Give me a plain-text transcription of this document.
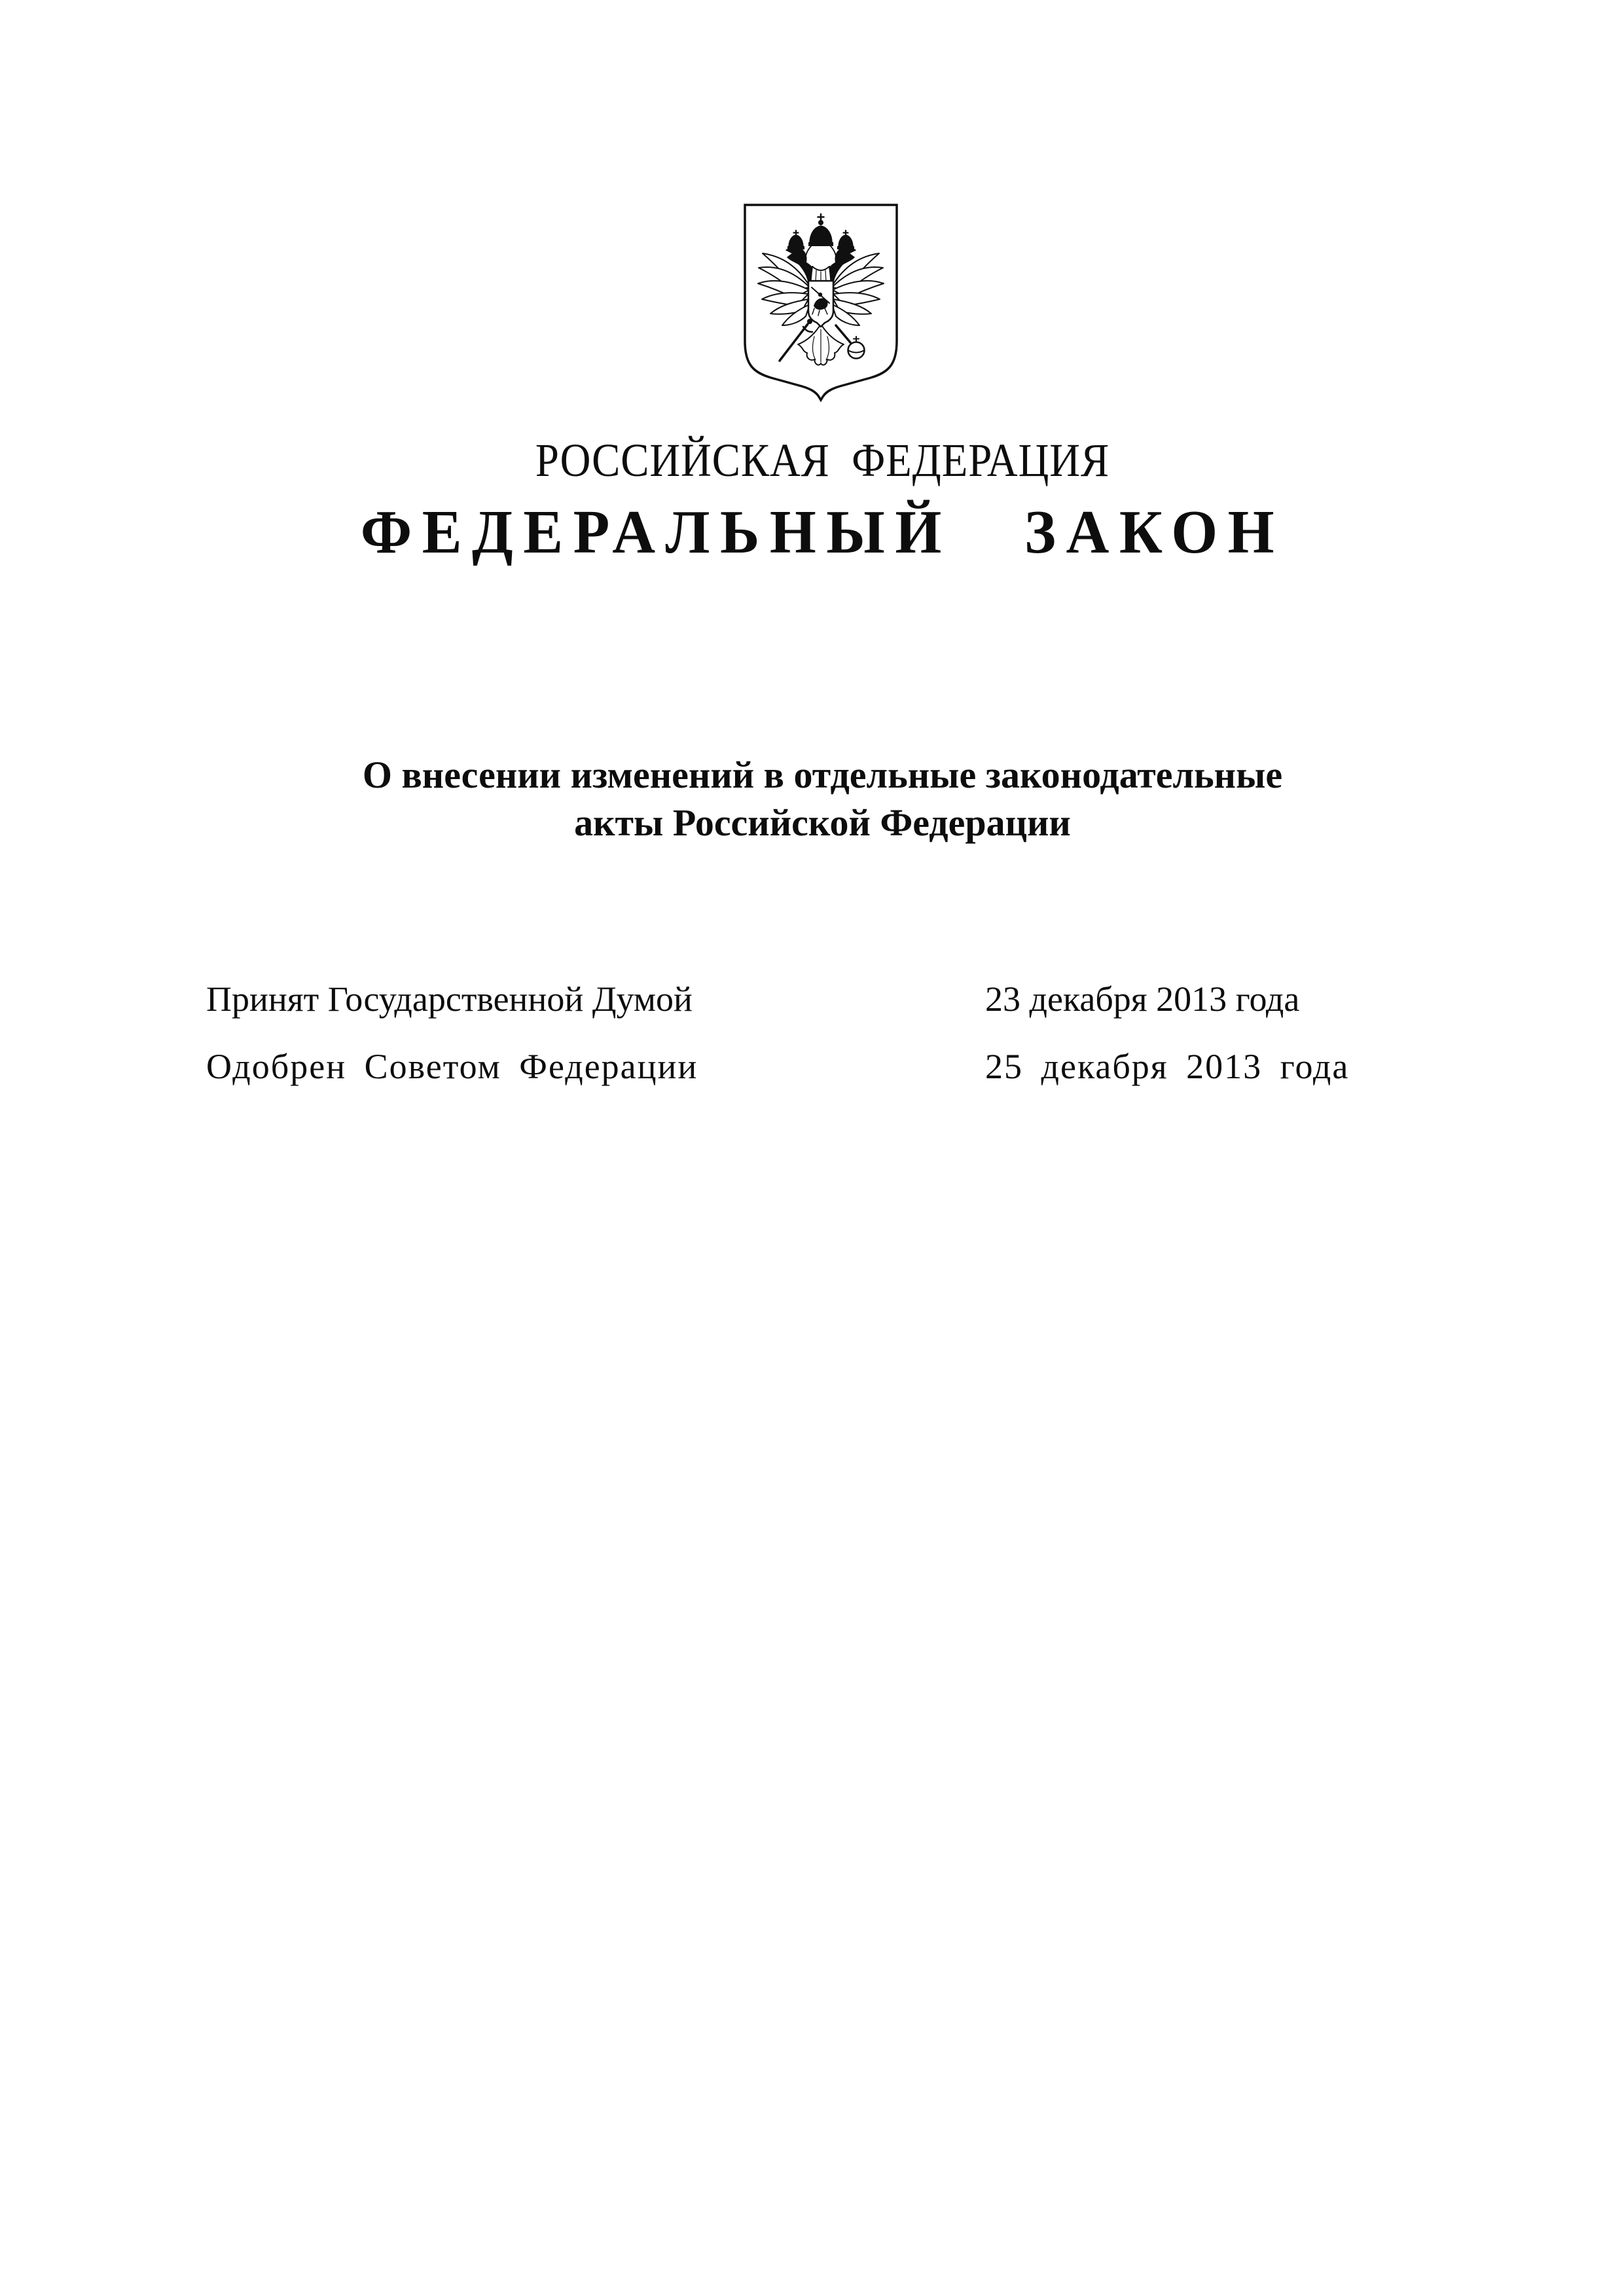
РОССИЙСКАЯ ФЕДЕРАЦИЯ
ФЕДЕРАЛЬНЫЙ ЗАКОН
О внесении изменений в отдельные законодательные
акты Российской Федерации
Принят Государственной Думой	23 декабря 2013 года
Одобрен Советом Федерации	25 декабря 2013 года
